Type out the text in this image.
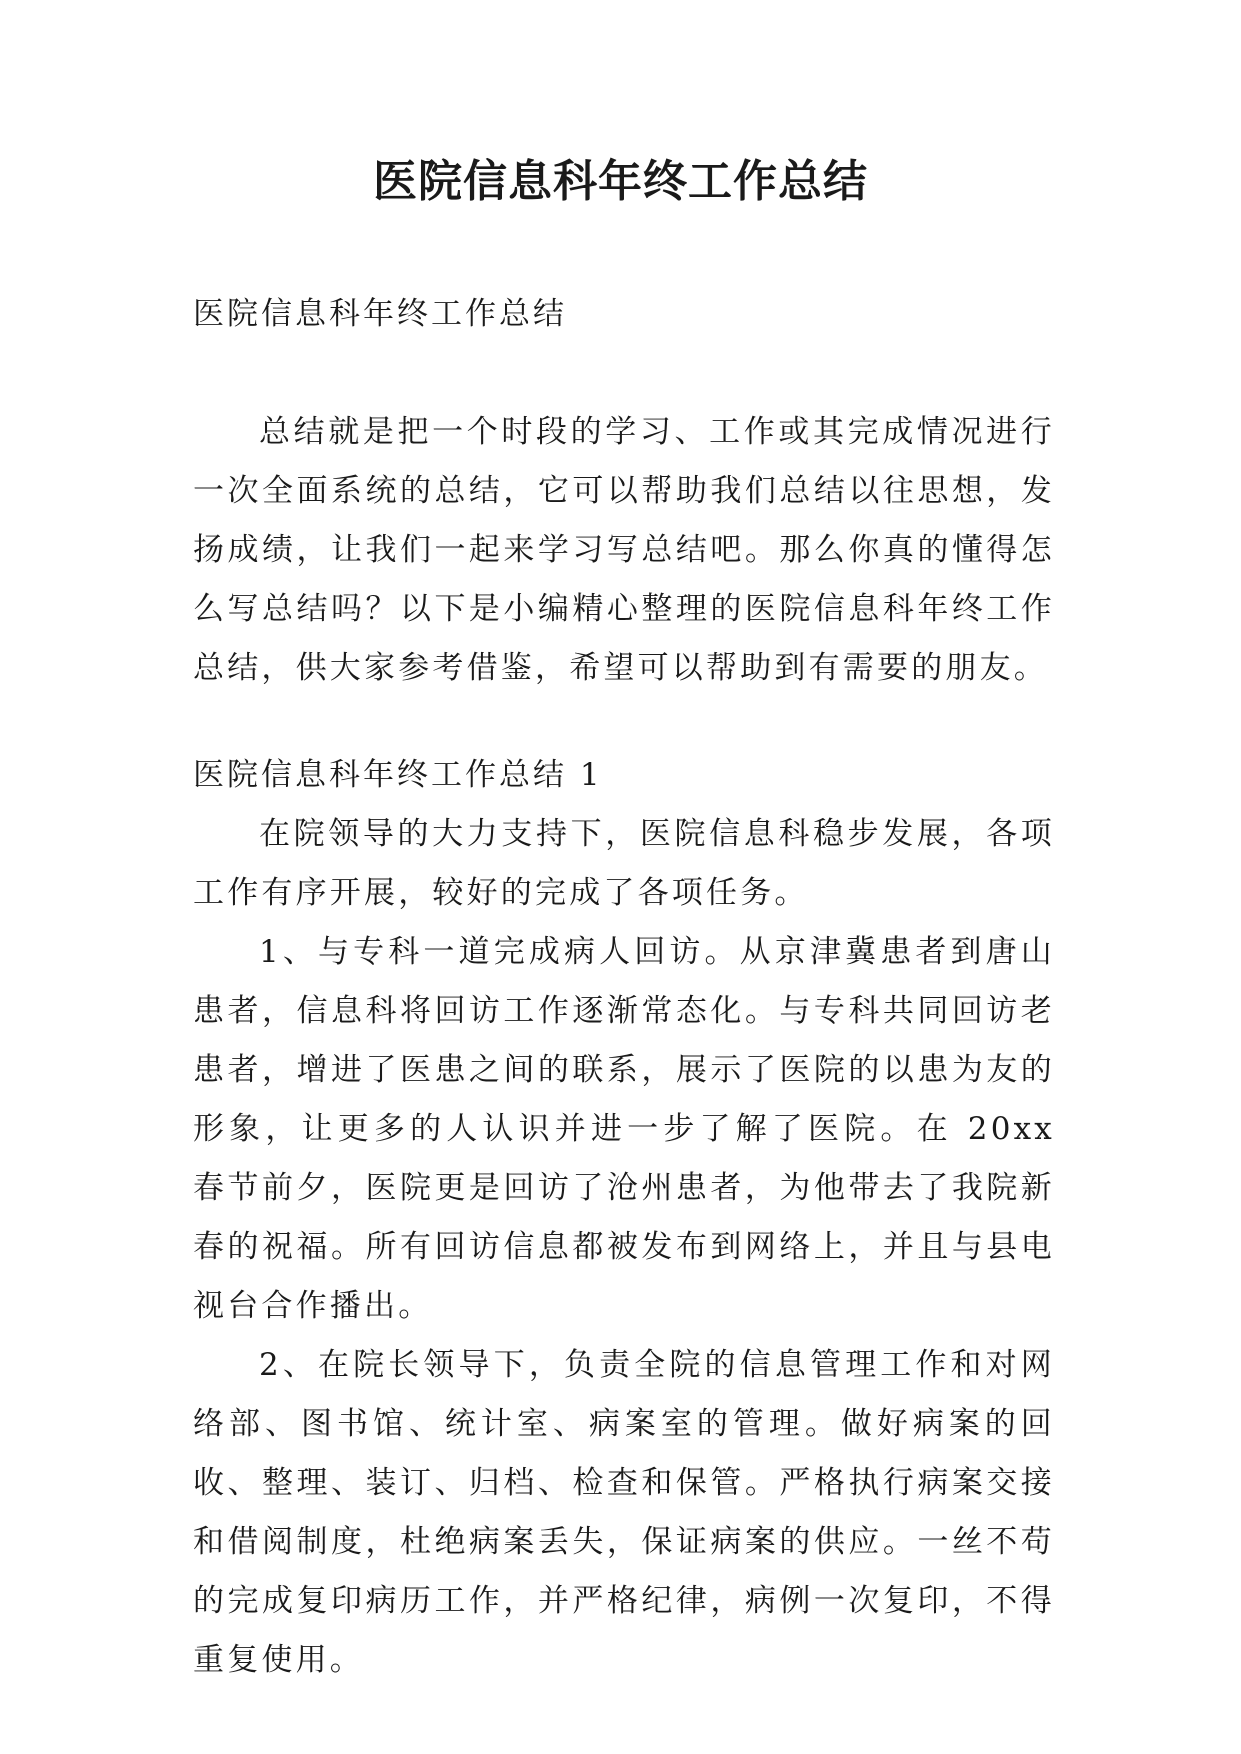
医院信息科年终工作总结

医院信息科年终工作总结

总结就是把一个时段的学习、工作或其完成情况进行一次全面系统的总结，它可以帮助我们总结以往思想，发扬成绩，让我们一起来学习写总结吧。那么你真的懂得怎么写总结吗？以下是小编精心整理的医院信息科年终工作总结，供大家参考借鉴，希望可以帮助到有需要的朋友。

医院信息科年终工作总结 1

在院领导的大力支持下，医院信息科稳步发展，各项工作有序开展，较好的完成了各项任务。

1、与专科一道完成病人回访。从京津冀患者到唐山患者，信息科将回访工作逐渐常态化。与专科共同回访老患者，增进了医患之间的联系，展示了医院的以患为友的形象，让更多的人认识并进一步了解了医院。在 20xx 春节前夕，医院更是回访了沧州患者，为他带去了我院新春的祝福。所有回访信息都被发布到网络上，并且与县电视台合作播出。

2、在院长领导下，负责全院的信息管理工作和对网络部、图书馆、统计室、病案室的管理。做好病案的回收、整理、装订、归档、检查和保管。严格执行病案交接和借阅制度，杜绝病案丢失，保证病案的供应。一丝不苟的完成复印病历工作，并严格纪律，病例一次复印，不得重复使用。
